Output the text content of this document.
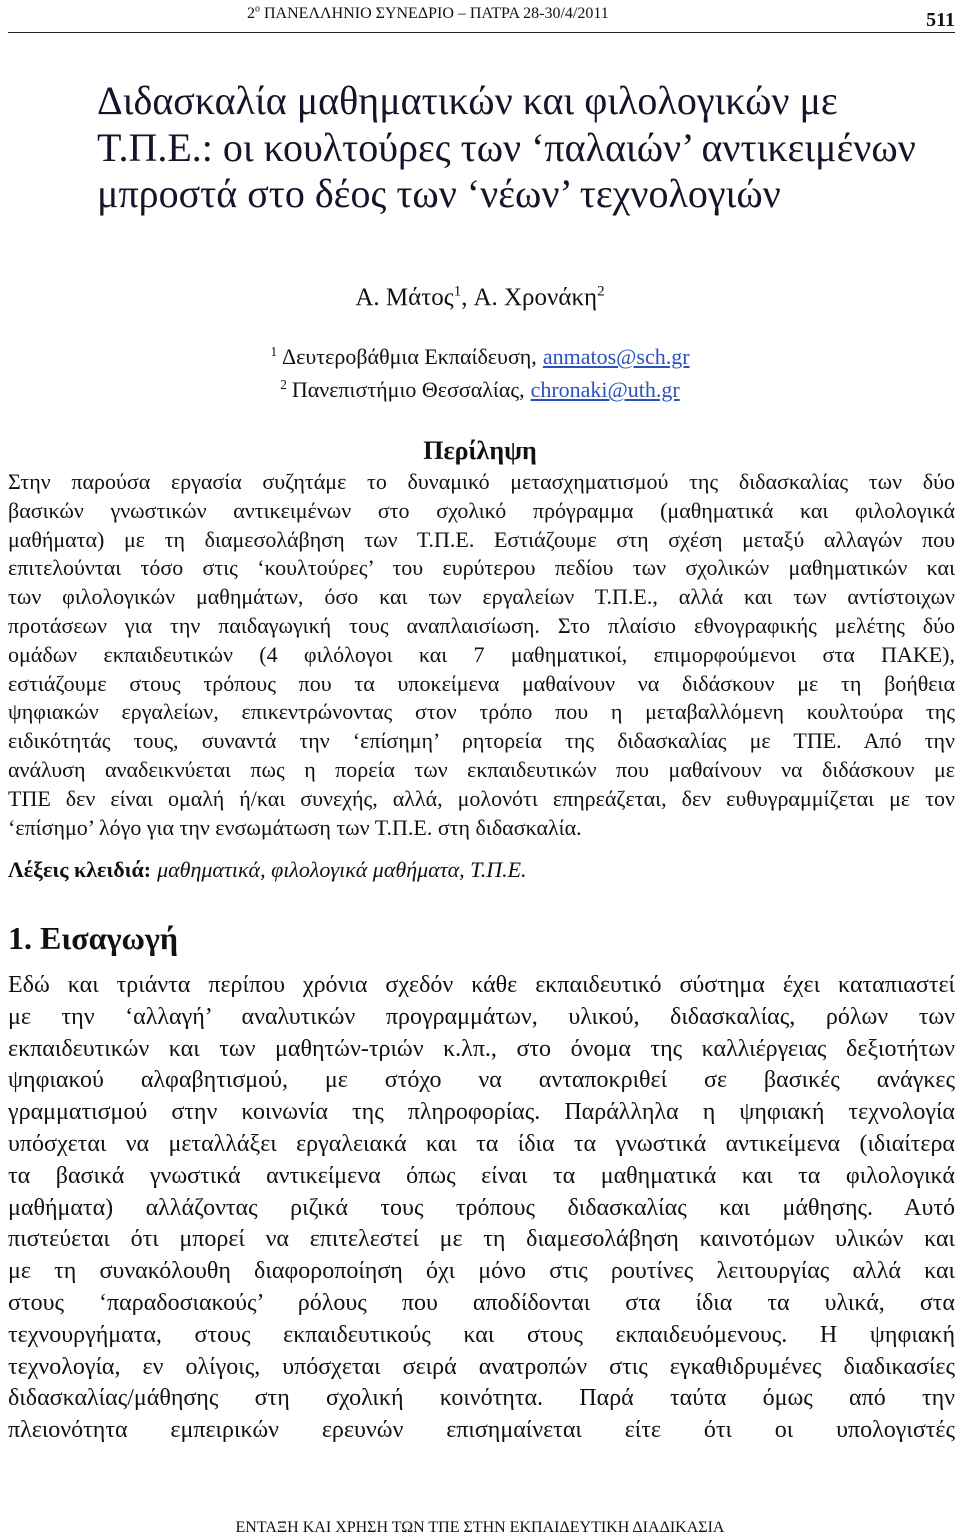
$2^o$ ΠΑΝΕΛΛΗΝΙΟ ΣΥΝΕΔΡΙΟ – ΠΑΤΡΑ 28-30/4/2011	511
Διδασκαλία μαθηματικών και φιλολογικών με
Τ.Π.Ε.: οι κουλτούρες των ‘παλαιών’ αντικειμένων
μπροστά στο δέος των ‘νέων’ τεχνολογιών
Α. Μάτος$^1$, Α. Χρονάκη$^2$
$^1$ Δευτεροβάθμια Εκπαίδευση, anmatos@sch.gr
$^2$ Πανεπιστήμιο Θεσσαλίας, chronaki@uth.gr
Περίληψη
Στην παρούσα εργασία συζητάμε το δυναμικό μετασχηματισμού της διδασκαλίας των δύο
βασικών γνωστικών αντικειμένων στο σχολικό πρόγραμμα (μαθηματικά και φιλολογικά
μαθήματα) με τη διαμεσολάβηση των Τ.Π.Ε. Εστιάζουμε στη σχέση μεταξύ αλλαγών που
επιτελούνται τόσο στις ‘κουλτούρες’ του ευρύτερου πεδίου των σχολικών μαθηματικών και
των φιλολογικών μαθημάτων, όσο και των εργαλείων Τ.Π.Ε., αλλά και των αντίστοιχων
προτάσεων για την παιδαγωγική τους αναπλαισίωση. Στο πλαίσιο εθνογραφικής μελέτης δύο
ομάδων εκπαιδευτικών (4 φιλόλογοι και 7 μαθηματικοί, επιμορφούμενοι στα ΠΑΚΕ),
εστιάζουμε στους τρόπους που τα υποκείμενα μαθαίνουν να διδάσκουν με τη βοήθεια
ψηφιακών εργαλείων, επικεντρώνοντας στον τρόπο που η μεταβαλλόμενη κουλτούρα της
ειδικότητάς τους, συναντά την ‘επίσημη’ ρητορεία της διδασκαλίας με ΤΠΕ. Από την
ανάλυση αναδεικνύεται πως η πορεία των εκπαιδευτικών που μαθαίνουν να διδάσκουν με
ΤΠΕ δεν είναι ομαλή ή/και συνεχής, αλλά, μολονότι επηρεάζεται, δεν ευθυγραμμίζεται με τον
‘επίσημο’ λόγο για την ενσωμάτωση των Τ.Π.Ε. στη διδασκαλία.
Λέξεις κλειδιά: μαθηματικά, φιλολογικά μαθήματα, Τ.Π.Ε.
1. Εισαγωγή
Εδώ και τριάντα περίπου χρόνια σχεδόν κάθε εκπαιδευτικό σύστημα έχει καταπιαστεί
με την ‘αλλαγή’ αναλυτικών προγραμμάτων, υλικού, διδασκαλίας, ρόλων των
εκπαιδευτικών και των μαθητών-τριών κ.λπ., στο όνομα της καλλιέργειας δεξιοτήτων
ψηφιακού αλφαβητισμού, με στόχο να ανταποκριθεί σε βασικές ανάγκες
γραμματισμού στην κοινωνία της πληροφορίας. Παράλληλα η ψηφιακή τεχνολογία
υπόσχεται να μεταλλάξει εργαλειακά και τα ίδια τα γνωστικά αντικείμενα (ιδιαίτερα
τα βασικά γνωστικά αντικείμενα όπως είναι τα μαθηματικά και τα φιλολογικά
μαθήματα) αλλάζοντας ριζικά τους τρόπους διδασκαλίας και μάθησης. Αυτό
πιστεύεται ότι μπορεί να επιτελεστεί με τη διαμεσολάβηση καινοτόμων υλικών και
με τη συνακόλουθη διαφοροποίηση όχι μόνο στις ρουτίνες λειτουργίας αλλά και
στους ‘παραδοσιακούς’ ρόλους που αποδίδονται στα ίδια τα υλικά, στα
τεχνουργήματα, στους εκπαιδευτικούς και στους εκπαιδευόμενους. Η ψηφιακή
τεχνολογία, εν ολίγοις, υπόσχεται σειρά ανατροπών στις εγκαθιδρυμένες διαδικασίες
διδασκαλίας/μάθησης στη σχολική κοινότητα. Παρά ταύτα όμως από την
πλειονότητα εμπειρικών ερευνών επισημαίνεται είτε ότι οι υπολογιστές
ΕΝΤΑΞΗ ΚΑΙ ΧΡΗΣΗ ΤΩΝ ΤΠΕ ΣΤΗΝ ΕΚΠΑΙΔΕΥΤΙΚΗ ΔΙΑΔΙΚΑΣΙΑ
